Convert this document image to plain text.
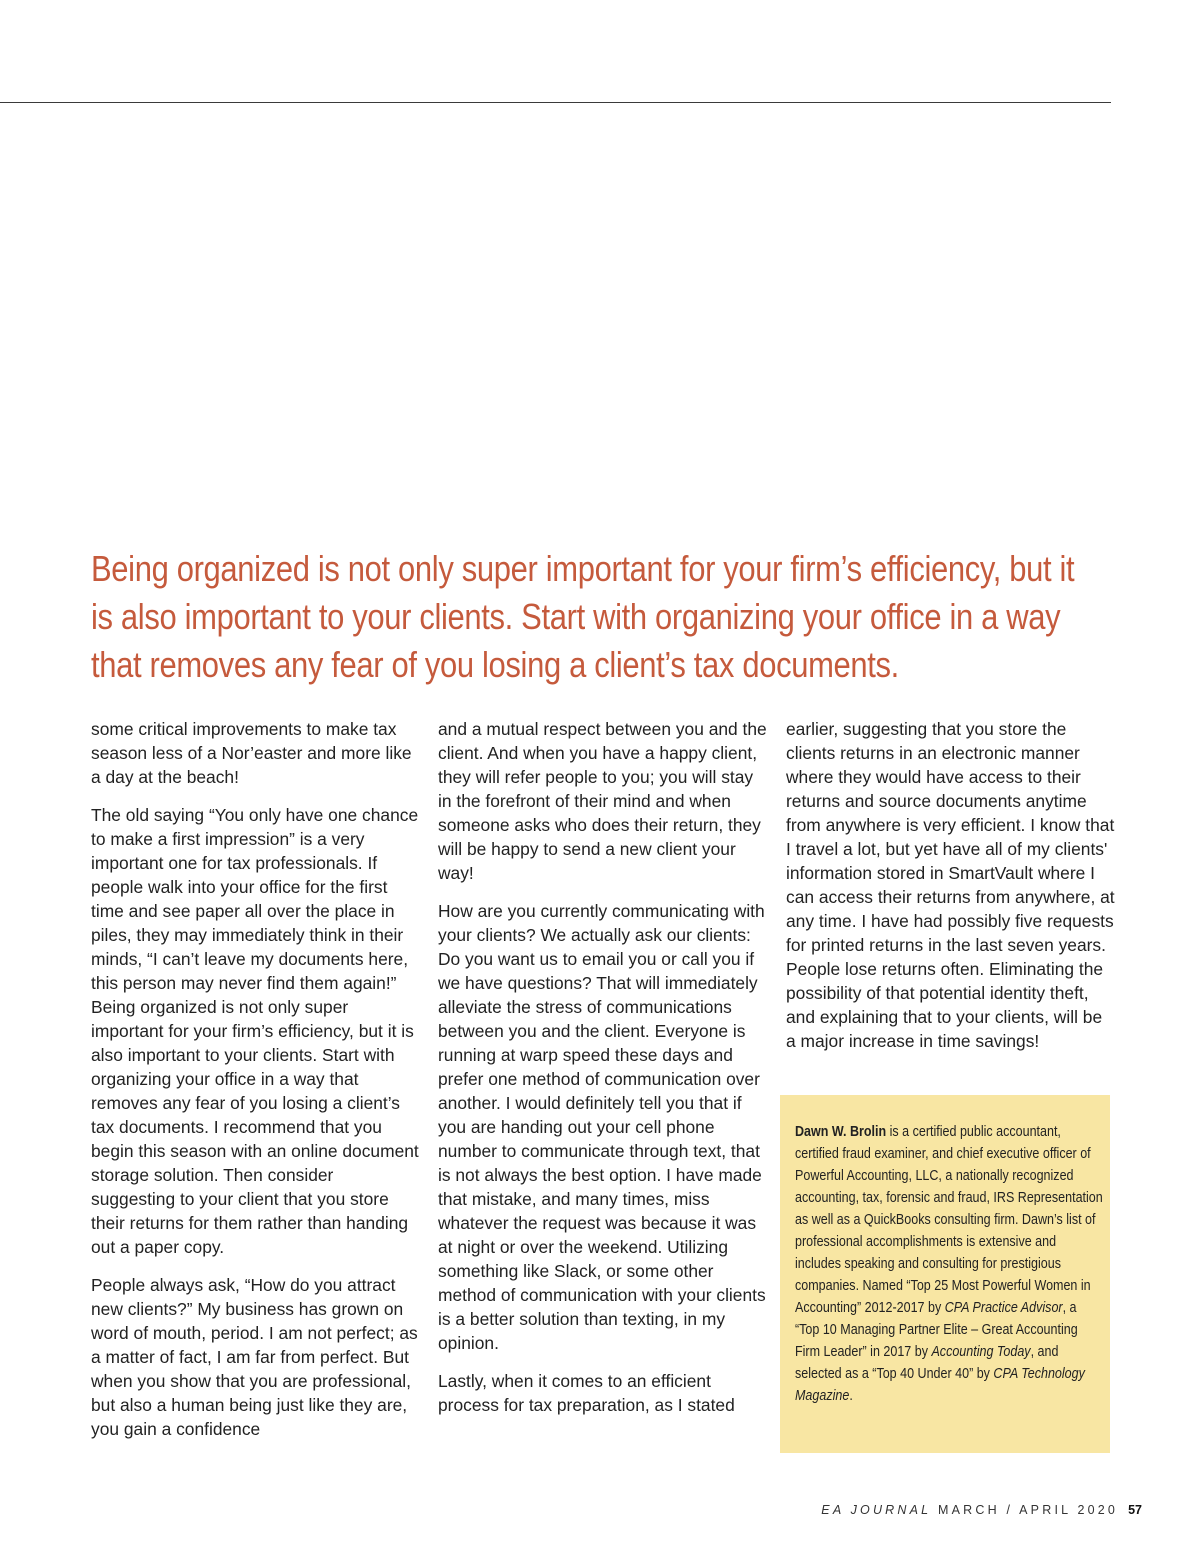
Being organized is not only super important for your firm’s efficiency, but it is also important to your clients. Start with organizing your office in a way that removes any fear of you losing a client’s tax documents.

some critical improvements to make tax season less of a Nor’easter and more like a day at the beach!

The old saying “You only have one chance to make a first impression” is a very important one for tax professionals. If people walk into your office for the first time and see paper all over the place in piles, they may immediately think in their minds, “I can’t leave my documents here, this person may never find them again!” Being organized is not only super important for your firm’s efficiency, but it is also important to your clients. Start with organizing your office in a way that removes any fear of you losing a client’s tax documents. I recommend that you begin this season with an online document storage solution. Then consider suggesting to your client that you store their returns for them rather than handing out a paper copy.

People always ask, “How do you attract new clients?” My business has grown on word of mouth, period. I am not perfect; as a matter of fact, I am far from perfect. But when you show that you are professional, but also a human being just like they are, you gain a confidence

and a mutual respect between you and the client. And when you have a happy client, they will refer people to you; you will stay in the forefront of their mind and when someone asks who does their return, they will be happy to send a new client your way!

How are you currently communicating with your clients? We actually ask our clients: Do you want us to email you or call you if we have questions? That will immediately alleviate the stress of communications between you and the client. Everyone is running at warp speed these days and prefer one method of communication over another. I would definitely tell you that if you are handing out your cell phone number to communicate through text, that is not always the best option. I have made that mistake, and many times, miss whatever the request was because it was at night or over the weekend. Utilizing something like Slack, or some other method of communication with your clients is a better solution than texting, in my opinion.

Lastly, when it comes to an efficient process for tax preparation, as I stated

earlier, suggesting that you store the clients returns in an electronic manner where they would have access to their returns and source documents anytime from anywhere is very efficient. I know that I travel a lot, but yet have all of my clients' information stored in SmartVault where I can access their returns from anywhere, at any time. I have had possibly five requests for printed returns in the last seven years. People lose returns often. Eliminating the possibility of that potential identity theft, and explaining that to your clients, will be a major increase in time savings!

Dawn W. Brolin is a certified public accountant, certified fraud examiner, and chief executive officer of Powerful Accounting, LLC, a nationally recognized accounting, tax, forensic and fraud, IRS Representation as well as a QuickBooks consulting firm. Dawn’s list of professional accomplishments is extensive and includes speaking and consulting for prestigious companies. Named “Top 25 Most Powerful Women in Accounting” 2012-2017 by CPA Practice Advisor, a “Top 10 Managing Partner Elite – Great Accounting Firm Leader” in 2017 by Accounting Today, and selected as a “Top 40 Under 40” by CPA Technology Magazine.

EA JOURNAL MARCH / APRIL 2020 57
